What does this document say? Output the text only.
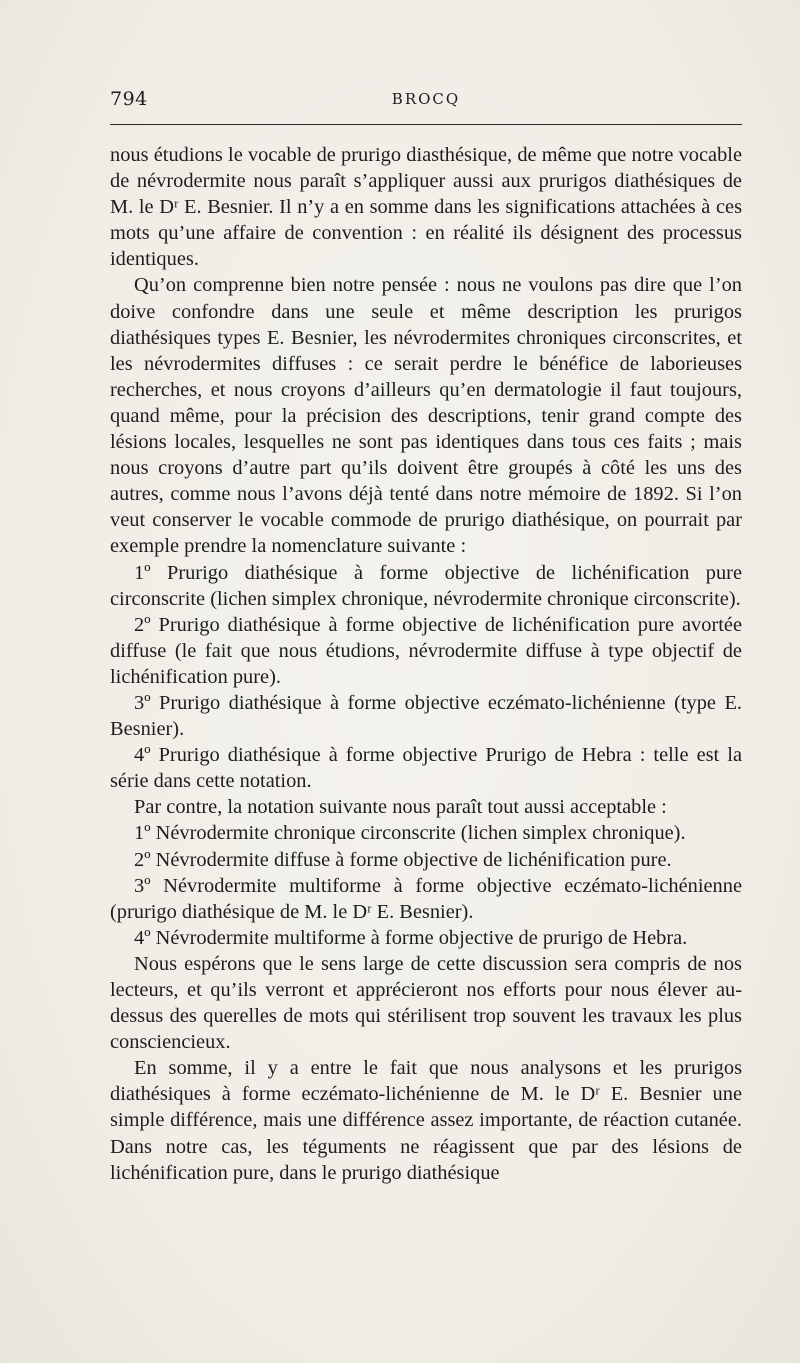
794	BROCQ

nous étudions le vocable de prurigo diasthésique, de même que notre vocable de névrodermite nous paraît s’appliquer aussi aux prurigos diathésiques de M. le Dʳ E. Besnier. Il n’y a en somme dans les significations attachées à ces mots qu’une affaire de convention : en réalité ils désignent des processus identiques.

Qu’on comprenne bien notre pensée : nous ne voulons pas dire que l’on doive confondre dans une seule et même description les prurigos diathésiques types E. Besnier, les névrodermites chroniques circonscrites, et les névrodermites diffuses : ce serait perdre le bénéfice de laborieuses recherches, et nous croyons d’ailleurs qu’en dermatologie il faut toujours, quand même, pour la précision des descriptions, tenir grand compte des lésions locales, lesquelles ne sont pas identiques dans tous ces faits ; mais nous croyons d’autre part qu’ils doivent être groupés à côté les uns des autres, comme nous l’avons déjà tenté dans notre mémoire de 1892. Si l’on veut conserver le vocable commode de prurigo diathésique, on pourrait par exemple prendre la nomenclature suivante :

1º Prurigo diathésique à forme objective de lichénification pure circonscrite (lichen simplex chronique, névrodermite chronique circonscrite).

2º Prurigo diathésique à forme objective de lichénification pure avortée diffuse (le fait que nous étudions, névrodermite diffuse à type objectif de lichénification pure).

3º Prurigo diathésique à forme objective eczémato-lichénienne (type E. Besnier).

4º Prurigo diathésique à forme objective Prurigo de Hebra : telle est la série dans cette notation.

Par contre, la notation suivante nous paraît tout aussi acceptable :

1º Névrodermite chronique circonscrite (lichen simplex chronique).

2º Névrodermite diffuse à forme objective de lichénification pure.

3º Névrodermite multiforme à forme objective eczémato-lichénienne (prurigo diathésique de M. le Dʳ E. Besnier).

4º Névrodermite multiforme à forme objective de prurigo de Hebra.

Nous espérons que le sens large de cette discussion sera compris de nos lecteurs, et qu’ils verront et apprécieront nos efforts pour nous élever au-dessus des querelles de mots qui stérilisent trop souvent les travaux les plus consciencieux.

En somme, il y a entre le fait que nous analysons et les prurigos diathésiques à forme eczémato-lichénienne de M. le Dʳ E. Besnier une simple différence, mais une différence assez importante, de réaction cutanée. Dans notre cas, les téguments ne réagissent que par des lésions de lichénification pure, dans le prurigo diathésique
